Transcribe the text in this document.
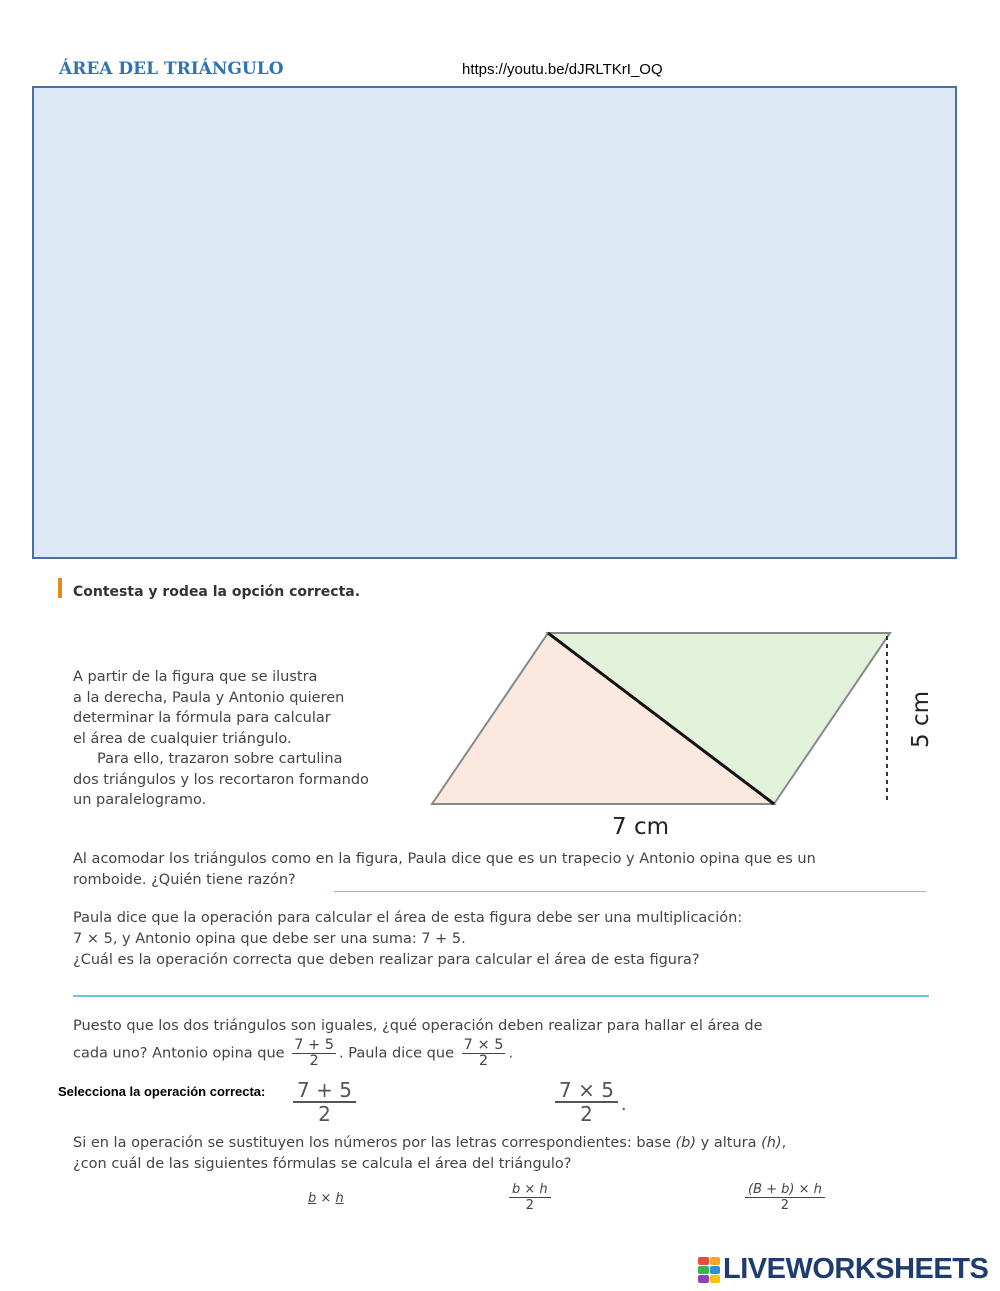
ÁREA DEL TRIÁNGULO	https://youtu.be/dJRLTKrI_OQ
Contesta y rodea la opción correcta.
A partir de la figura que se ilustra
a la derecha, Paula y Antonio quieren
determinar la fórmula para calcular
el área de cualquier triángulo.
Para ello, trazaron sobre cartulina
dos triángulos y los recortaron formando
un paralelogramo.
7 cm
5 cm
Al acomodar los triángulos como en la figura, Paula dice que es un trapecio y Antonio opina que es un
romboide. ¿Quién tiene razón?
Paula dice que la operación para calcular el área de esta figura debe ser una multiplicación:
7 × 5, y Antonio opina que debe ser una suma: 7 + 5.
¿Cuál es la operación correcta que deben realizar para calcular el área de esta figura?
Puesto que los dos triángulos son iguales, ¿qué operación deben realizar para hallar el área de
cada uno? Antonio opina que $\frac{7 + 5}{2}$ . Paula dice que $\frac{7 \times 5}{2}$ .
Selecciona la operación correcta: $\frac{7 + 5}{2}$	$\frac{7 \times 5}{2}$ .
Si en la operación se sustituyen los números por las letras correspondientes: base (b) y altura (h),
¿con cuál de las siguientes fórmulas se calcula el área del triángulo?
b × h	$\frac{b \times h}{2}$	$\frac{(B + b) \times h}{2}$
LIVEWORKSHEETS
